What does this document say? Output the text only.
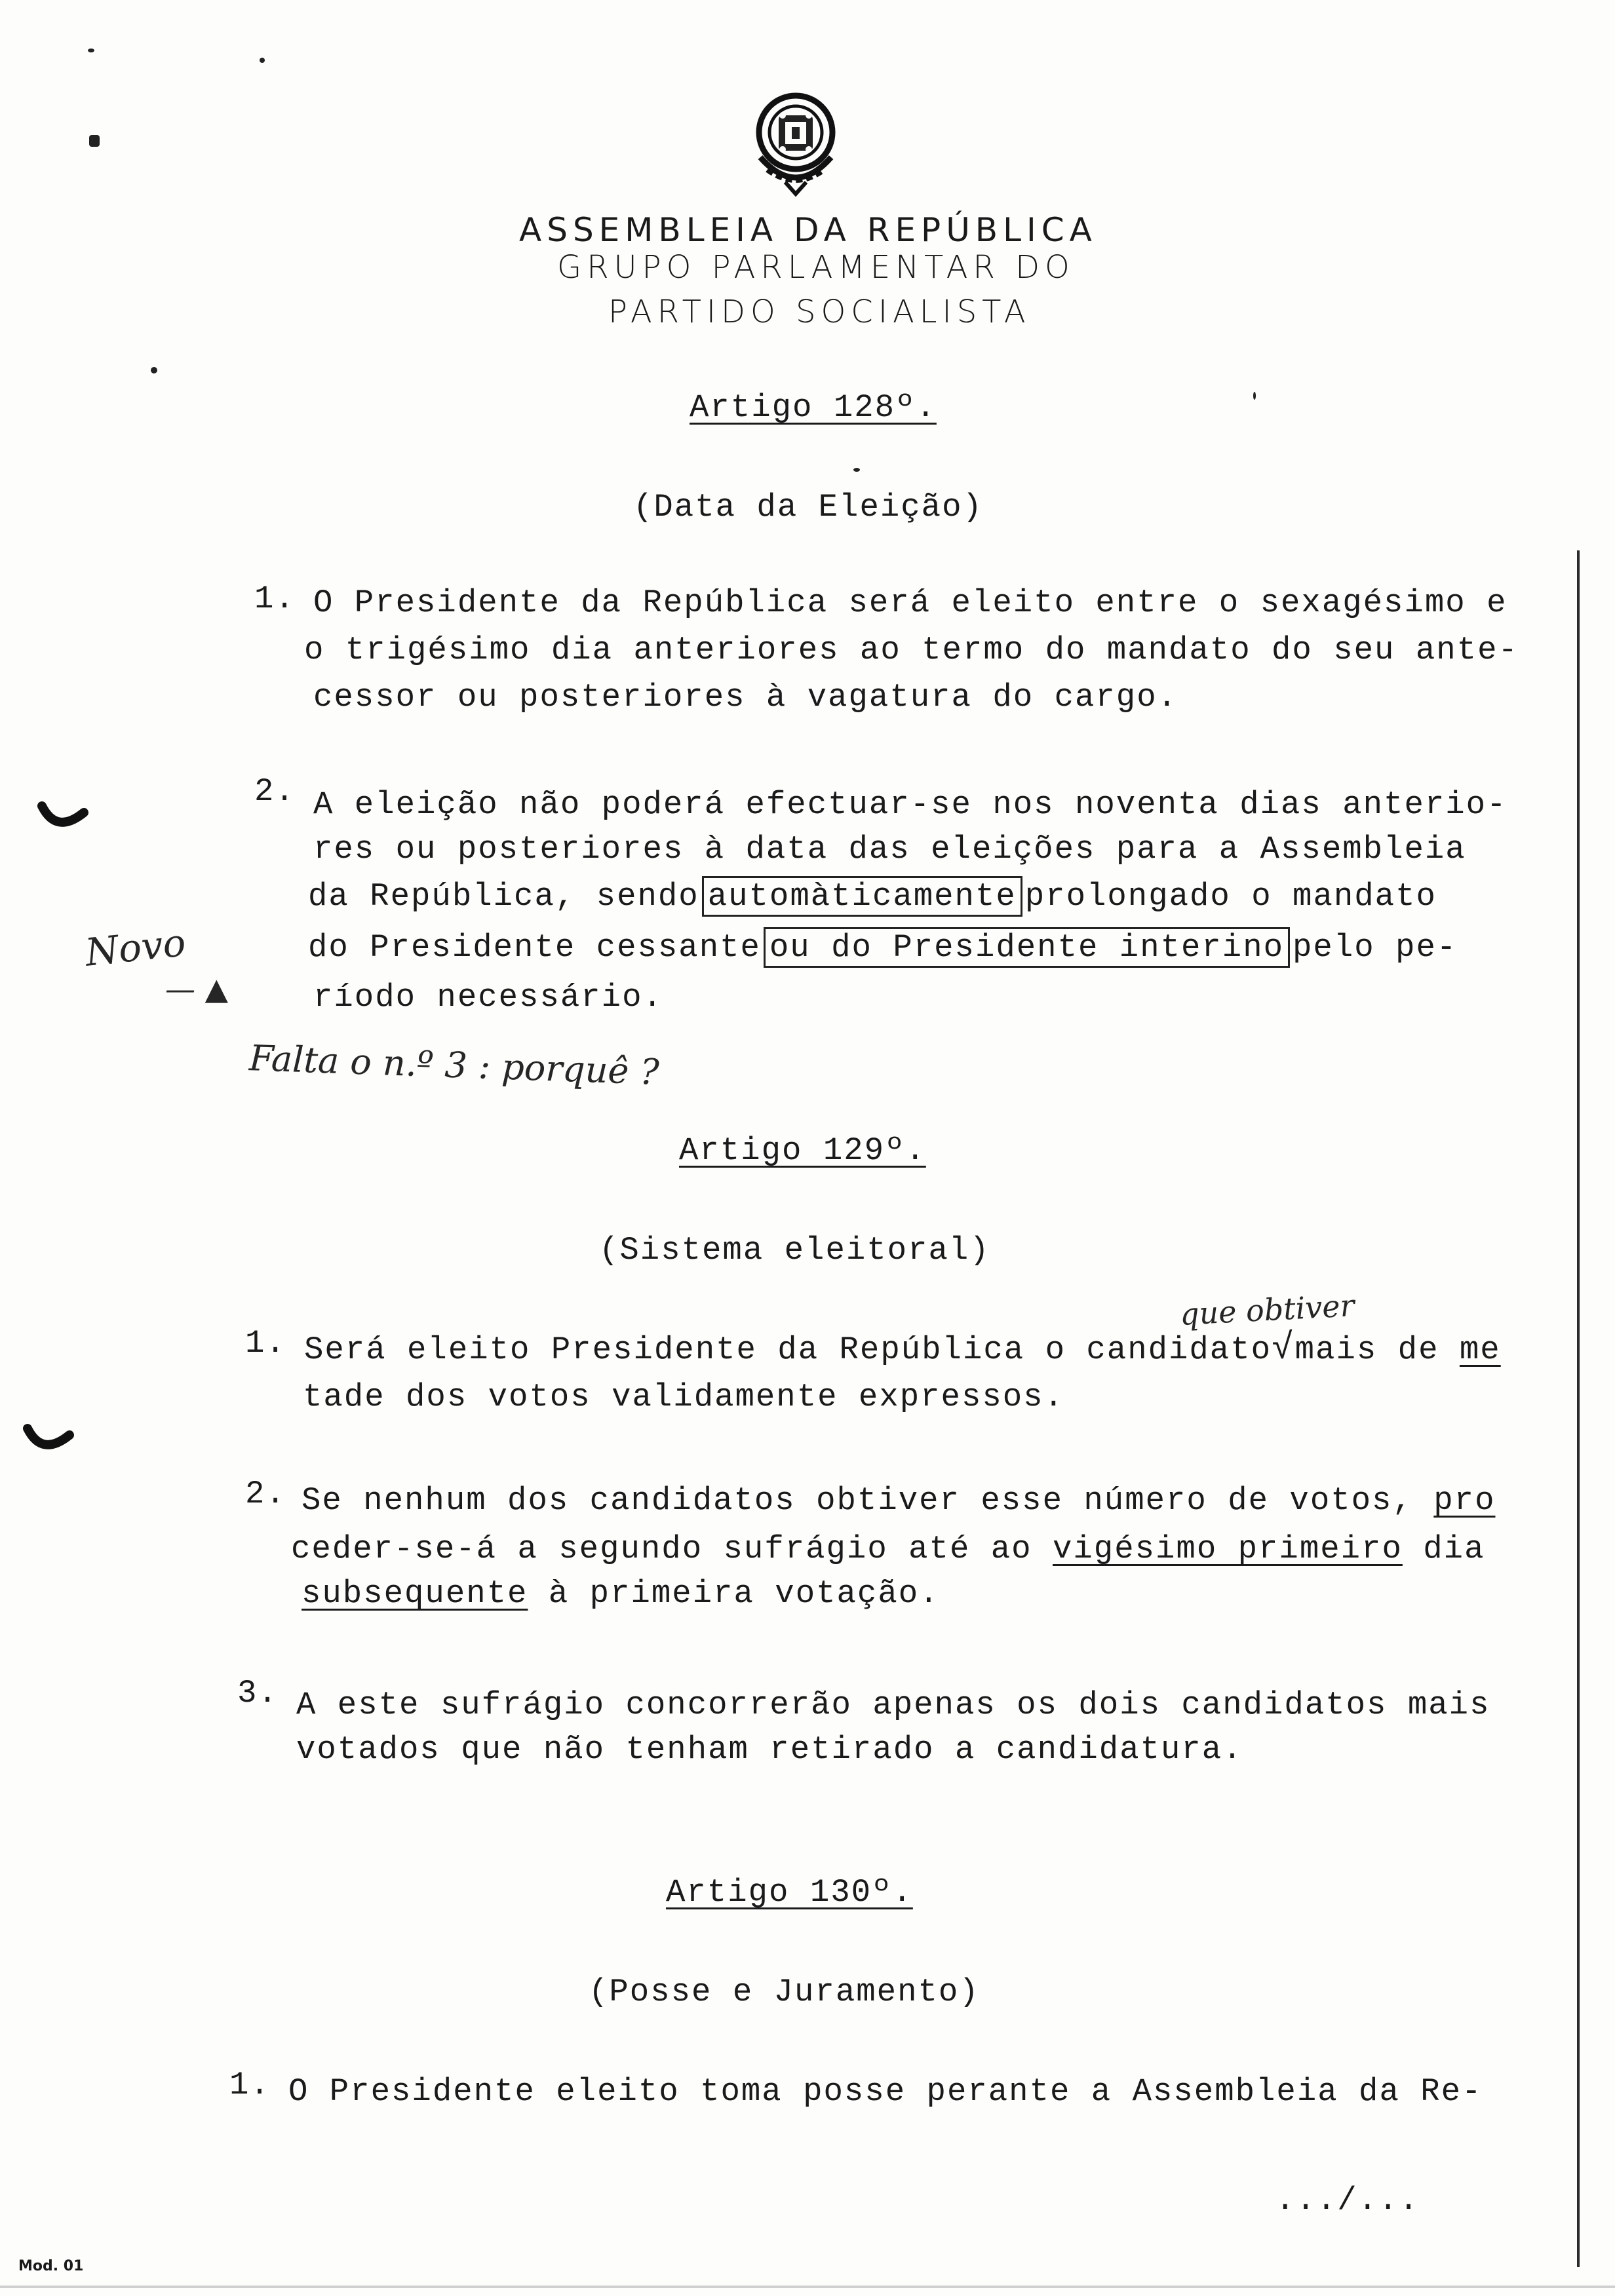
ASSEMBLEIA DA REPÚBLICA
GRUPO PARLAMENTAR DO
PARTIDO SOCIALISTA
Artigo 128º.
(Data da Eleição)
1. O Presidente da República será eleito entre o sexagésimo e
o trigésimo dia anteriores ao termo do mandato do seu ante-
cessor ou posteriores à vagatura do cargo.
2. A eleição não poderá efectuar-se nos noventa dias anterio-
res ou posteriores à data das eleições para a Assembleia
da República, sendo automàticamente prolongado o mandato
do Presidente cessante ou do Presidente interino pelo pe-
ríodo necessário.
Novo
— ▲
Falta o n.º 3 : porquê ?
Artigo 129º.
(Sistema eleitoral)
que obtiver
1. Será eleito Presidente da República o candidato√mais de me
tade dos votos validamente expressos.
2. Se nenhum dos candidatos obtiver esse número de votos, pro
ceder-se-á a segundo sufrágio até ao vigésimo primeiro dia
subsequente à primeira votação.
3. A este sufrágio concorrerão apenas os dois candidatos mais
votados que não tenham retirado a candidatura.
Artigo 130º.
(Posse e Juramento)
1. O Presidente eleito toma posse perante a Assembleia da Re-
.../...
Mod. 01
